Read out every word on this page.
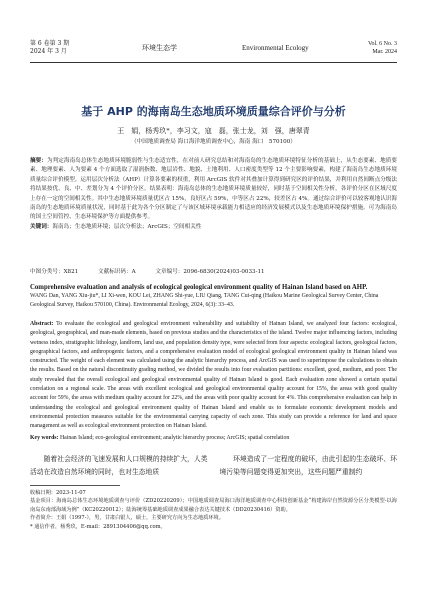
第 6 卷第 3 期
2024 年 3 月	环境生态学	Environmental Ecology	Vol. 6 No. 3
Mar. 2024
基于 AHP 的海南岛生态地质环境质量综合评价与分析
王　娟，杨秀玖*，李习文，寇　磊，张士龙，刘　强，唐翠青
（中国地质调查局 海口海洋地质调查中心，海南 海口　570100）
摘要：为判定海南岛总体生态地质环境脆弱性与生态适宜性，在对前人研究总结和对海南岛的生态地质环境特征分析的基础上，从生态要素、地质要素、地理要素、人为要素 4 个方面选取了湿润指数、地层岩性、地貌、土地利用、人口密度类型等 12 个主要影响要素，构建了海南岛生态地质环境质量综合评价模型。运用层次分析法（AHP）计算各要素的权重，利用 ArcGIS 软件对其叠加计算得到研究区的评价结果，并利用自然间断点分级法将结果按优、良、中、差划分为 4 个评价分区。结果表明：海南岛总体的生态地质环境质量较好，同时基于空间相关性分析，各评价分区在区域尺度上存在一定的空间相关性。其中生态地质环境质量优区占 15%，良好区占 59%，中等区占 22%，较差区占 4%。通过综合评价可以较客观地认识海南岛的生态地质环境质量状况，同时基于此为各个分区制定了与该区域环境承载能力相适应的经济发展模式以及生态地质环境保护措施。可为海南岛的国土空间管控、生态环境保护等方面提供参考。
关键词：海南岛；生态地质环境；层次分析法；ArcGIS；空间相关性
中图分类号：X821	文献标识码：A	文章编号：2096-6830(2024)03-0033-11
Comprehensive evaluation and analysis of ecological geological environment quality of Hainan Island based on AHP.
WANG Dan, YANG Xiu-jiu*, LI Xi-wen, KOU Lei, ZHANG Shi-yue, LIU Qiang, TANG Cui-qing (Haikou Marine Geological Survey Center, China Geological Survey, Haikou 570100, China). Environmental Ecology, 2024, 6(3): 33–43.
Abstract: To evaluate the ecological and geological environment vulnerability and suitability of Hainan Island, we analyzed four factors: ecological, geological, geographical, and man-made elements, based on previous studies and the characteristics of the island. Twelve major influencing factors, including wetness index, stratigraphic lithology, landform, land use, and population density type, were selected from four aspects: ecological factors, geological factors, geographical factors, and anthropogenic factors, and a comprehensive evaluation model of ecological geological environment quality in Hainan Island was constructed. The weight of each element was calculated using the analytic hierarchy process, and ArcGIS was used to superimpose the calculations to obtain the results. Based on the natural discontinuity grading method, we divided the results into four evaluation partitions: excellent, good, medium, and poor. The study revealed that the overall ecological and geological environmental quality of Hainan Island is good. Each evaluation zone showed a certain spatial correlation on a regional scale. The areas with excellent ecological and geological environmental quality account for 15%, the areas with good quality account for 59%, the areas with medium quality account for 22%, and the areas with poor quality account for 4%. This comprehensive evaluation can help in understanding the ecological and geological environment quality of Hainan Island and enable us to formulate economic development models and environmental protection measures suitable for the environmental carrying capacity of each zone. This study can provide a reference for land and space management as well as ecological environment protection on Hainan Island.
Key words: Hainan Island; eco-geological environment; analytic hierarchy process; ArcGIS; spatial correlation

随着社会经济的飞速发展和人口规模的持续扩大，人类活动在改造自然环境的同时，也对生态地质

环境造成了一定程度的破坏，由此引起的生态破坏、环境污染等问题变得更加突出，这些问题严重制约

收稿日期：2023-11-07
基金项目：海南岛总体生态环境地质调查与评价（ZD20220209）；中国地质调查局海口海洋地质调查中心科技创新基金“构建海岸自然资源分区分类模型-以海南岛东南部海域为例”（KC20220012）；陆海统筹基础地质调查成果融合表达关键技术（DD20230416）资助。
作者简介：王娟（1997-），男，甘肃白银人，硕士，主要研究方向为生态地质环境。
* 通信作者，杨秀玖，E-mail：2891304406@qq.com。
